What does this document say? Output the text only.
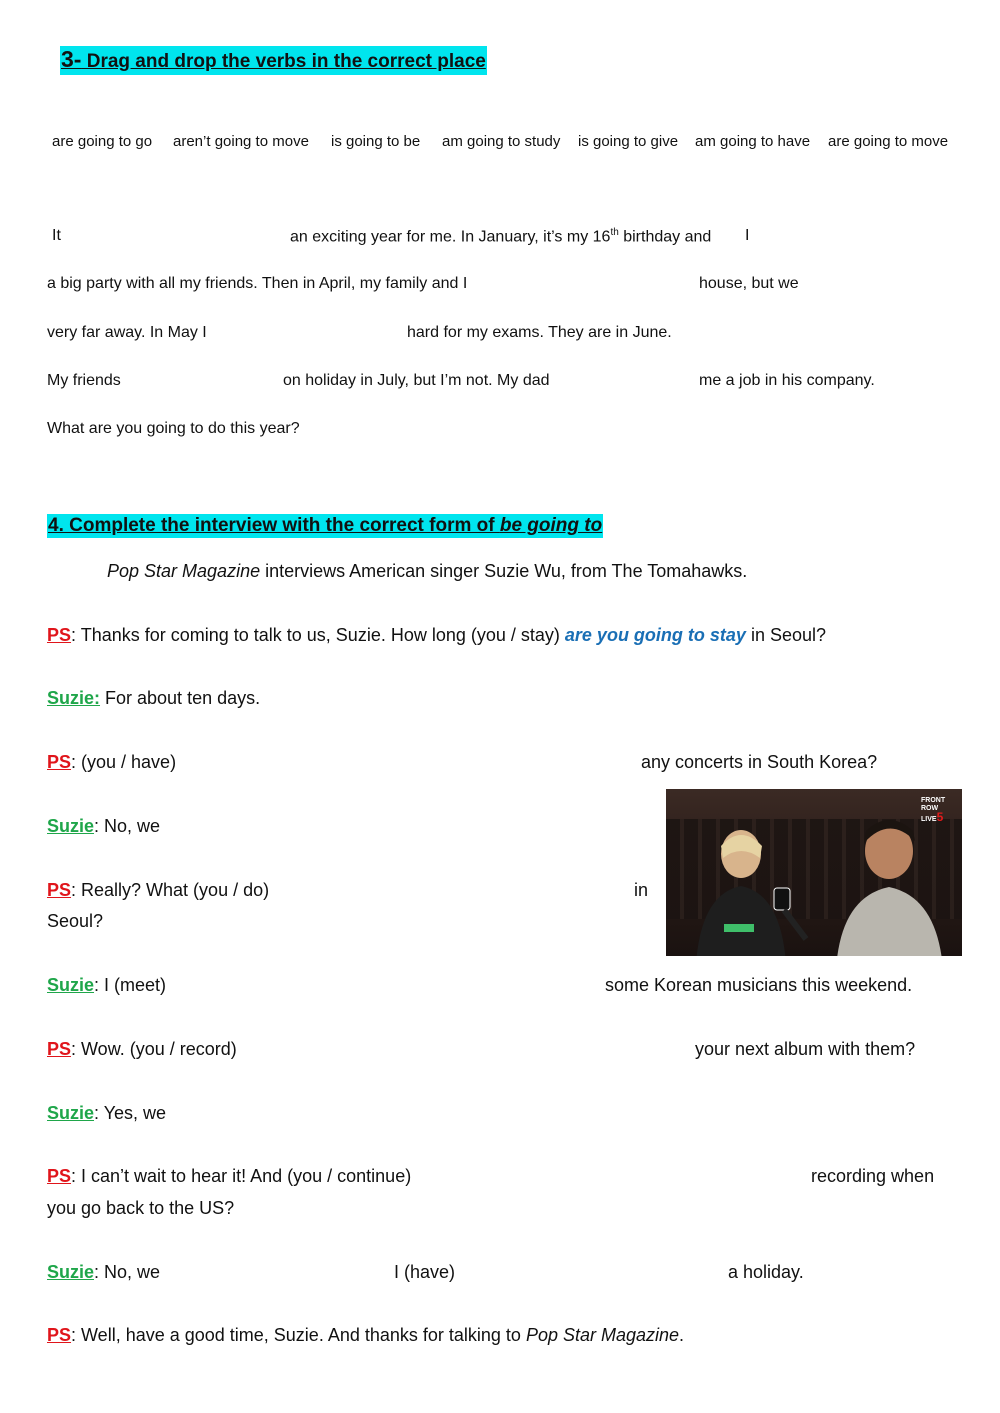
3- Drag and drop the verbs in the correct place
are going to go aren’t going to move is going to be am going to study is going to give am going to have are going to move
It	an exciting year for me. In January, it’s my 16th birthday and I
a big party with all my friends. Then in April, my family and I	house, but we
very far away. In May I	hard for my exams. They are in June.
My friends	on holiday in July, but I’m not. My dad	me a job in his company.
What are you going to do this year?
4. Complete the interview with the correct form of be going to
Pop Star Magazine interviews American singer Suzie Wu, from The Tomahawks.
PS: Thanks for coming to talk to us, Suzie. How long (you / stay) are you going to stay in Seoul?
Suzie: For about ten days.
PS: (you / have)	any concerts in South Korea?
Suzie: No, we
PS: Really? What (you / do)	in
Seoul?
FRONT
ROW
LIVE5
Suzie: I (meet)	some Korean musicians this weekend.
PS: Wow. (you / record)	your next album with them?
Suzie: Yes, we
PS: I can’t wait to hear it! And (you / continue)	recording when
you go back to the US?
Suzie: No, we	I (have)	a holiday.
PS: Well, have a good time, Suzie. And thanks for talking to Pop Star Magazine.
